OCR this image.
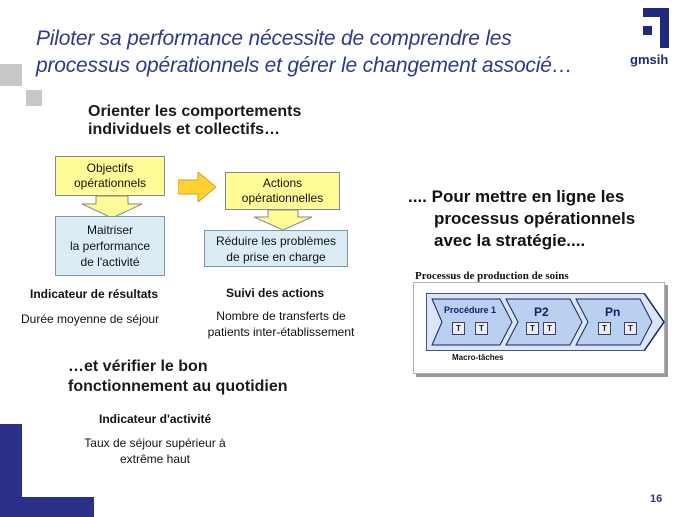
Piloter sa performance nécessite de comprendre les
processus opérationnels et gérer le changement associé…	gmsih
Orienter les comportements
individuels et collectifs…
Objectifs
opérationnels
Maitriser
la performance
de l'activité
Actions
opérationnelles
Réduire les problèmes
de prise en charge
Indicateur de résultats
Durée moyenne de séjour
Suivi des actions
Nombre de transferts de
patients inter-établissement
.... Pour mettre en ligne les
processus opérationnels
avec la stratégie....
Processus de production de soins
Procédure 1	P2	Pn
T	T	T	T	T	T
Macro-tâches
…et vérifier le bon
fonctionnement au quotidien
Indicateur d'activité
Taux de séjour supérieur à
extrême haut
16
